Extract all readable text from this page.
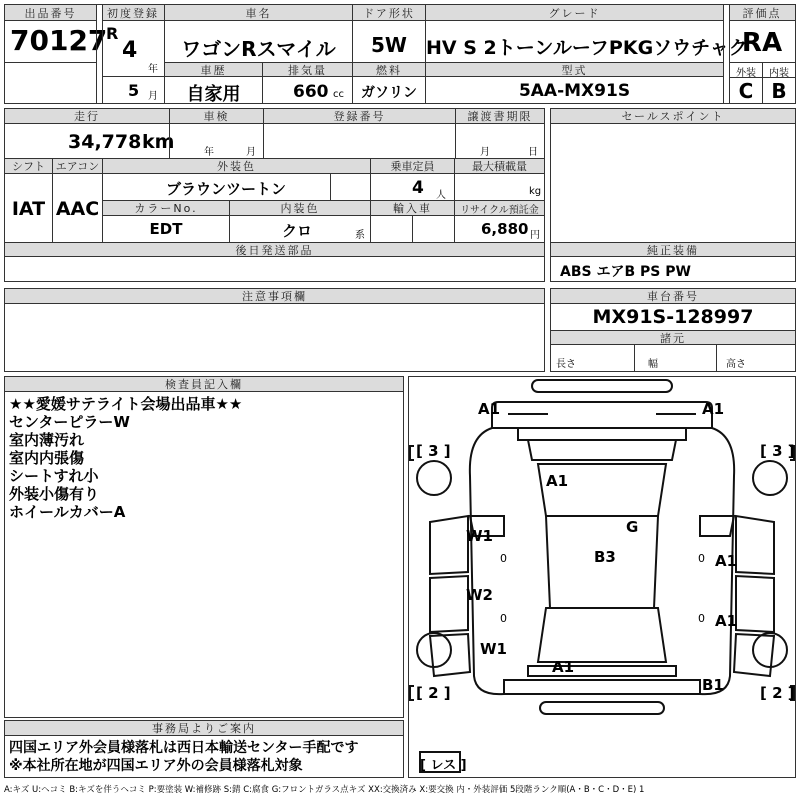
出品番号
70127
初度登録
R
4
年
5 月
車名
ワゴンRスマイル
ドア形状
5W
グレード
HV S 2トーンルーフPKGソウチャク
評価点
RA
車歴
自家用
排気量
660 cc
燃料
ガソリン
型式
5AA-MX91S
外装	内装
C B
走行
34,778 km
車検
年	月
登録番号	譲渡書期限
月	日
シフト エアコン
IAT AAC
外装色
ブラウンツートン
乗車定員
4 人
最大積載量
kg
カラーNo.
EDT
内装色
クロ	系
輸入車	リサイクル預託金
6,880 円
後日発送部品
セールスポイント
純正装備
ABS エアB PS PW
注意事項欄	車台番号
MX91S-128997
諸元
長さ	幅	高さ
検査員記入欄
★★愛媛サテライト会場出品車★★
センターピラーW
室内薄汚れ
室内内張傷
シートすれ小
外装小傷有り
ホイールカバーA
事務局よりご案内
四国エリア外会員様落札は西日本輸送センター手配です
※本社所在地が四国エリア外の会員様落札対象
A1	A1
[ 3 ]	[ 3 ]
A1
G
W1
B3	A1
W2
A1
W1
A1
B1
[ 2 ]	[ 2 ]
[ レス ]
0
0
0
0
A:キズ U:ヘコミ B:キズを伴うヘコミ P:要塗装 W:補修跡 S:錆 C:腐食 G:フロントガラス点キズ XX:交換済み X:要交換 内・外装評価 5段階ランク順(A・B・C・D・E) 1
